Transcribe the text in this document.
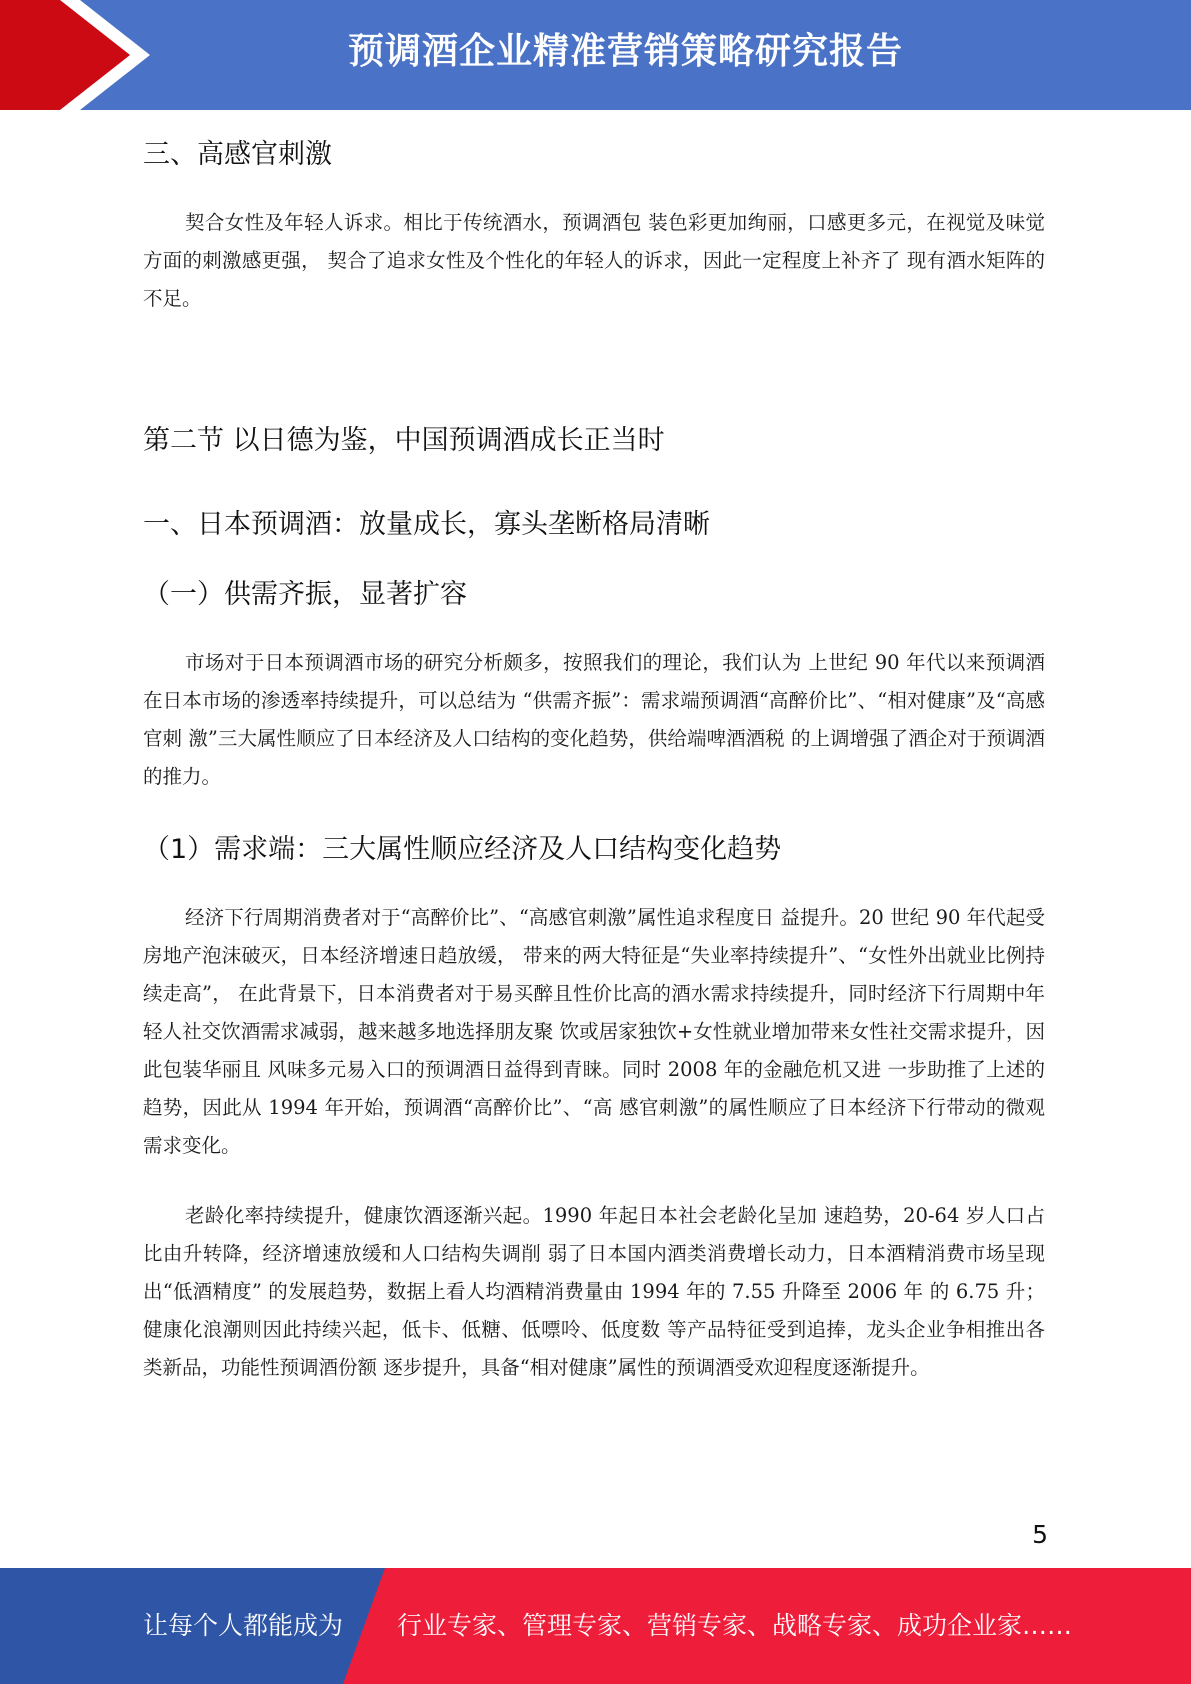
预调酒企业精准营销策略研究报告
三、高感官刺激
契合女性及年轻人诉求。相比于传统酒水，预调酒包 装色彩更加绚丽，口感更多元，在视觉及味觉方面的刺激感更强， 契合了追求女性及个性化的年轻人的诉求，因此一定程度上补齐了 现有酒水矩阵的不足。
第二节 以日德为鉴，中国预调酒成长正当时
一、日本预调酒：放量成长，寡头垄断格局清晰
（一）供需齐振，显著扩容
市场对于日本预调酒市场的研究分析颇多，按照我们的理论，我们认为 上世纪 90 年代以来预调酒在日本市场的渗透率持续提升，可以总结为 “供需齐振”：需求端预调酒“高醉价比”、“相对健康”及“高感官刺 激”三大属性顺应了日本经济及人口结构的变化趋势，供给端啤酒酒税 的上调增强了酒企对于预调酒的推力。
（1）需求端：三大属性顺应经济及人口结构变化趋势
经济下行周期消费者对于“高醉价比”、“高感官刺激”属性追求程度日 益提升。20 世纪 90 年代起受房地产泡沫破灭，日本经济增速日趋放缓， 带来的两大特征是“失业率持续提升”、“女性外出就业比例持续走高”， 在此背景下，日本消费者对于易买醉且性价比高的酒水需求持续提升，同时经济下行周期中年轻人社交饮酒需求减弱，越来越多地选择朋友聚 饮或居家独饮+女性就业增加带来女性社交需求提升，因此包装华丽且 风味多元易入口的预调酒日益得到青睐。同时 2008 年的金融危机又进 一步助推了上述的趋势，因此从 1994 年开始，预调酒“高醉价比”、“高 感官刺激”的属性顺应了日本经济下行带动的微观需求变化。
老龄化率持续提升，健康饮酒逐渐兴起。1990 年起日本社会老龄化呈加 速趋势，20-64 岁人口占比由升转降，经济增速放缓和人口结构失调削 弱了日本国内酒类消费增长动力，日本酒精消费市场呈现出“低酒精度” 的发展趋势，数据上看人均酒精消费量由 1994 年的 7.55 升降至 2006 年 的 6.75 升；健康化浪潮则因此持续兴起，低卡、低糖、低嘌呤、低度数 等产品特征受到追捧，龙头企业争相推出各类新品，功能性预调酒份额 逐步提升，具备“相对健康”属性的预调酒受欢迎程度逐渐提升。
5
让每个人都能成为 行业专家、管理专家、营销专家、战略专家、成功企业家……
